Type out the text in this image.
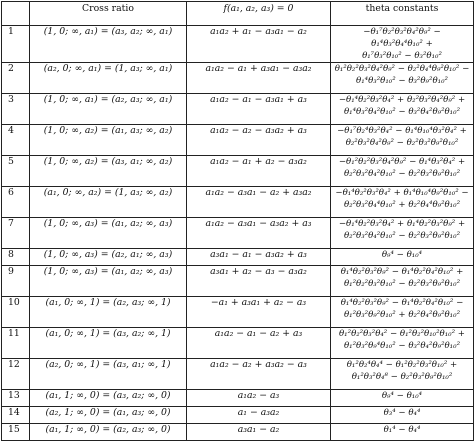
	Cross ratio	f(a₁, a₂, a₃) = 0	theta constants
1	(1, 0; ∞, a₁) = (a₃, a₂; ∞, a₁)	a₁a₂ + a₁ − a₃a₁ − a₂	−θ₁⁷θ₂²θ₃²θ₄²θ₉² −
θ₁⁴θ₃²θ₄⁴θ₁₀² +
θ₁⁷θ₃²θ₁₀² − θ₃²θ₁₀²

2	(a₂, 0; ∞, a₁) = (1, a₃; ∞, a₁)	a₁a₂ − a₁ + a₃a₁ − a₃a₂	θ₁²θ₂²θ₃²θ₄²θ₉² − θ₂²θ₄⁴θ₉²θ₁₀² −
θ₁⁴θ₃²θ₁₀² − θ₃²θ₉²θ₁₀²

3	(1, 0; ∞, a₁) = (a₂, a₃; ∞, a₁)	a₁a₂ − a₁ − a₃a₁ + a₃	−θ₁⁴θ₂²θ₃²θ₄² + θ₂²θ₃²θ₄²θ₉² +
θ₁⁴θ₃²θ₄²θ₁₀² − θ₃²θ₄²θ₉²θ₁₀²

4	(1, 0; ∞, a₂) = (a₁, a₃; ∞, a₂)	a₁a₂ − a₂ − a₃a₂ + a₃	−θ₁⁷θ₂⁴θ₃²θ₄² − θ₁⁴θ₁₀⁴θ₃²θ₄² +
θ₂²θ₃²θ₄²θ₉² − θ₂²θ₃²θ₉²θ₁₀²

5	(1, 0; ∞, a₂) = (a₃, a₁; ∞, a₂)	a₁a₂ − a₁ + a₂ − a₃a₂	−θ₁²θ₂²θ₃²θ₄²θ₉² − θ₁⁴θ₃²θ₄² +
θ₂²θ₃²θ₄²θ₁₀² − θ₂²θ₃²θ₉²θ₁₀²

6	(a₁, 0; ∞, a₂) = (1, a₃; ∞, a₂)	a₁a₂ − a₃a₁ − a₂ + a₃a₂	−θ₁⁴θ₂²θ₃²θ₄² + θ₁⁴θ₁₀⁴θ₉²θ₁₀² −
θ₂²θ₃²θ₄⁴θ₁₀² + θ₂²θ₄⁴θ₉²θ₁₀²

7	(1, 0; ∞, a₃) = (a₁, a₂; ∞, a₃)	a₁a₂ − a₃a₁ − a₃a₂ + a₃	−θ₁⁴θ₂²θ₃²θ₄² + θ₁⁴θ₂²θ₃²θ₉² +
θ₂²θ₃²θ₄²θ₁₀² − θ₂²θ₃²θ₉²θ₁₀²

8	(1, 0; ∞, a₃) = (a₂, a₁; ∞, a₃)	a₃a₁ − a₁ − a₃a₂ + a₃	θ₉⁴ − θ₁₀⁴

9	(1, 0; ∞, a₃) = (a₁, a₂; ∞, a₃)	a₃a₁ + a₂ − a₃ − a₃a₂	θ₁⁴θ₂²θ₃²θ₉² − θ₁⁴θ₂²θ₄²θ₁₀² +
θ₁²θ₂²θ₃²θ₁₀² − θ₂²θ₃²θ₉²θ₁₀²

10	(a₁, 0; ∞, 1) = (a₂, a₃; ∞, 1)	−a₁ + a₃a₁ + a₂ − a₃	θ₁⁴θ₂²θ₃²θ₉² − θ₁⁴θ₂²θ₄²θ₁₀² −
θ₁²θ₃²θ₉²θ₁₀² + θ₂²θ₄²θ₉²θ₁₀²

11	(a₁, 0; ∞, 1) = (a₃, a₂; ∞, 1)	a₁a₂ − a₁ − a₂ + a₃	θ₁²θ₂²θ₃²θ₄² − θ₁²θ₂²θ₁₀²θ₁₀² +
θ₁²θ₃²θ₉⁴θ₁₀² − θ₃²θ₄²θ₉²θ₁₀²

12	(a₂, 0; ∞, 1) = (a₃, a₁; ∞, 1)	a₁a₂ − a₂ + a₃a₂ − a₃	θ₁²θ₂⁴θ₄⁴ − θ₁²θ₂²θ₃²θ₁₀² +
θ₁²θ₃²θ₄⁸ − θ₂²θ₃²θ₉²θ₁₀²

13	(a₁, 1; ∞, 0) = (a₃, a₂; ∞, 0)	a₁a₂ − a₃	θ₉⁴ − θ₁₀⁴

14	(a₂, 1; ∞, 0) = (a₁, a₃; ∞, 0)	a₁ − a₃a₂	θ₃⁴ − θ₄⁴

15	(a₁, 1; ∞, 0) = (a₂, a₃; ∞, 0)	a₃a₁ − a₂	θ₁⁴ − θ₄⁴
